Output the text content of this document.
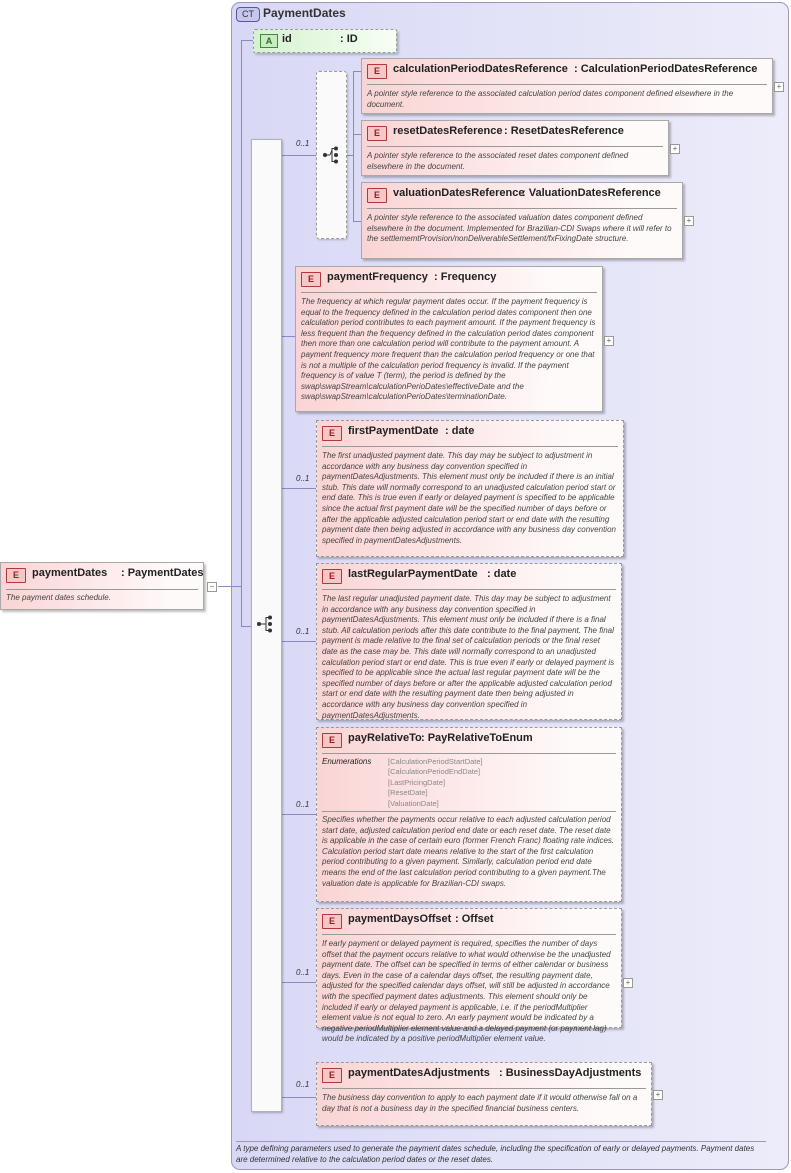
CT PaymentDates
A type defining parameters used to generate the payment dates schedule, including the specification of early or delayed payments. Payment dates are determined relative to the calculation period dates or the reset dates.
A id	: ID
E	paymentDates : PaymentDates
The payment dates schedule.
−
0..1
E	calculationPeriodDatesReference : CalculationPeriodDatesReference
A pointer style reference to the associated calculation period dates component defined elsewhere in the document.
+
E	resetDatesReference : ResetDatesReference
A pointer style reference to the associated reset dates component defined elsewhere in the document.
+
E	valuationDatesReference
: ValuationDatesReference
A pointer style reference to the associated valuation dates component defined elsewhere in the document. Implemented for Brazilian-CDI Swaps where it will refer to the settlememtProvision/nonDeliverableSettlement/fxFixingDate structure.
+
E	paymentFrequency : Frequency
The frequency at which regular payment dates occur. If the payment frequency is equal to the frequency defined in the calculation period dates component then one calculation period contributes to each payment amount. If the payment frequency is less frequent than the frequency defined in the calculation period dates component then more than one calculation period will contribute to the payment amount. A payment frequency more frequent than the calculation period frequency or one that is not a multiple of the calculation period frequency is invalid. If the payment frequency is of value T (term), the period is defined by the swap\swapStream\calculationPerioDates\effectiveDate and the swap\swapStream\calculationPerioDates\terminationDate.
+
0..1
E	firstPaymentDate : date
The first unadjusted payment date. This day may be subject to adjustment in accordance with any business day convention specified in paymentDatesAdjustments. This element must only be included if there is an initial stub. This date will normally correspond to an unadjusted calculation period start or end date. This is true even if early or delayed payment is specified to be applicable since the actual first payment date will be the specified number of days before or after the applicable adjusted calculation period start or end date with the resulting payment date then being adjusted in accordance with any business day convention specified in paymentDatesAdjustments.
0..1
E	lastRegularPaymentDate : date
The last regular unadjusted payment date. This day may be subject to adjustment in accordance with any business day convention specified in paymentDatesAdjustments. This element must only be included if there is a final stub. All calculation periods after this date contribute to the final payment. The final payment is made relative to the final set of calculation periods or the final reset date as the case may be. This date will normally correspond to an unadjusted calculation period start or end date. This is true even if early or delayed payment is specified to be applicable since the actual last regular payment date will be the specified number of days before or after the applicable adjusted calculation period start or end date with the resulting payment date then being adjusted in accordance with any business day convention specified in paymentDatesAdjustments.
0..1
E	payRelativeTo : PayRelativeToEnum
Enumerations [CalculationPeriodStartDate]
[CalculationPeriodEndDate]
[LastPricingDate]
[ResetDate]
[ValuationDate]
Specifies whether the payments occur relative to each adjusted calculation period start date, adjusted calculation period end date or each reset date. The reset date is applicable in the case of certain euro (former French Franc) floating rate indices. Calculation period start date means relative to the start of the first calculation period contributing to a given payment. Similarly, calculation period end date means the end of the last calculation period contributing to a given payment.The valuation date is applicable for Brazilian-CDI swaps.
0..1
E	paymentDaysOffset : Offset
If early payment or delayed payment is required, specifies the number of days offset that the payment occurs relative to what would otherwise be the unadjusted payment date. The offset can be specified in terms of either calendar or business days. Even in the case of a calendar days offset, the resulting payment date, adjusted for the specified calendar days offset, will still be adjusted in accordance with the specified payment dates adjustments. This element should only be included if early or delayed payment is applicable, i.e. if the periodMultiplier element value is not equal to zero. An early payment would be indicated by a negative periodMultiplier element value and a delayed payment (or payment lag) would be indicated by a positive periodMultiplier element value.
+
0..1
E	paymentDatesAdjustments : BusinessDayAdjustments
The business day convention to apply to each payment date if it would otherwise fall on a day that is not a business day in the specified financial business centers.
+
